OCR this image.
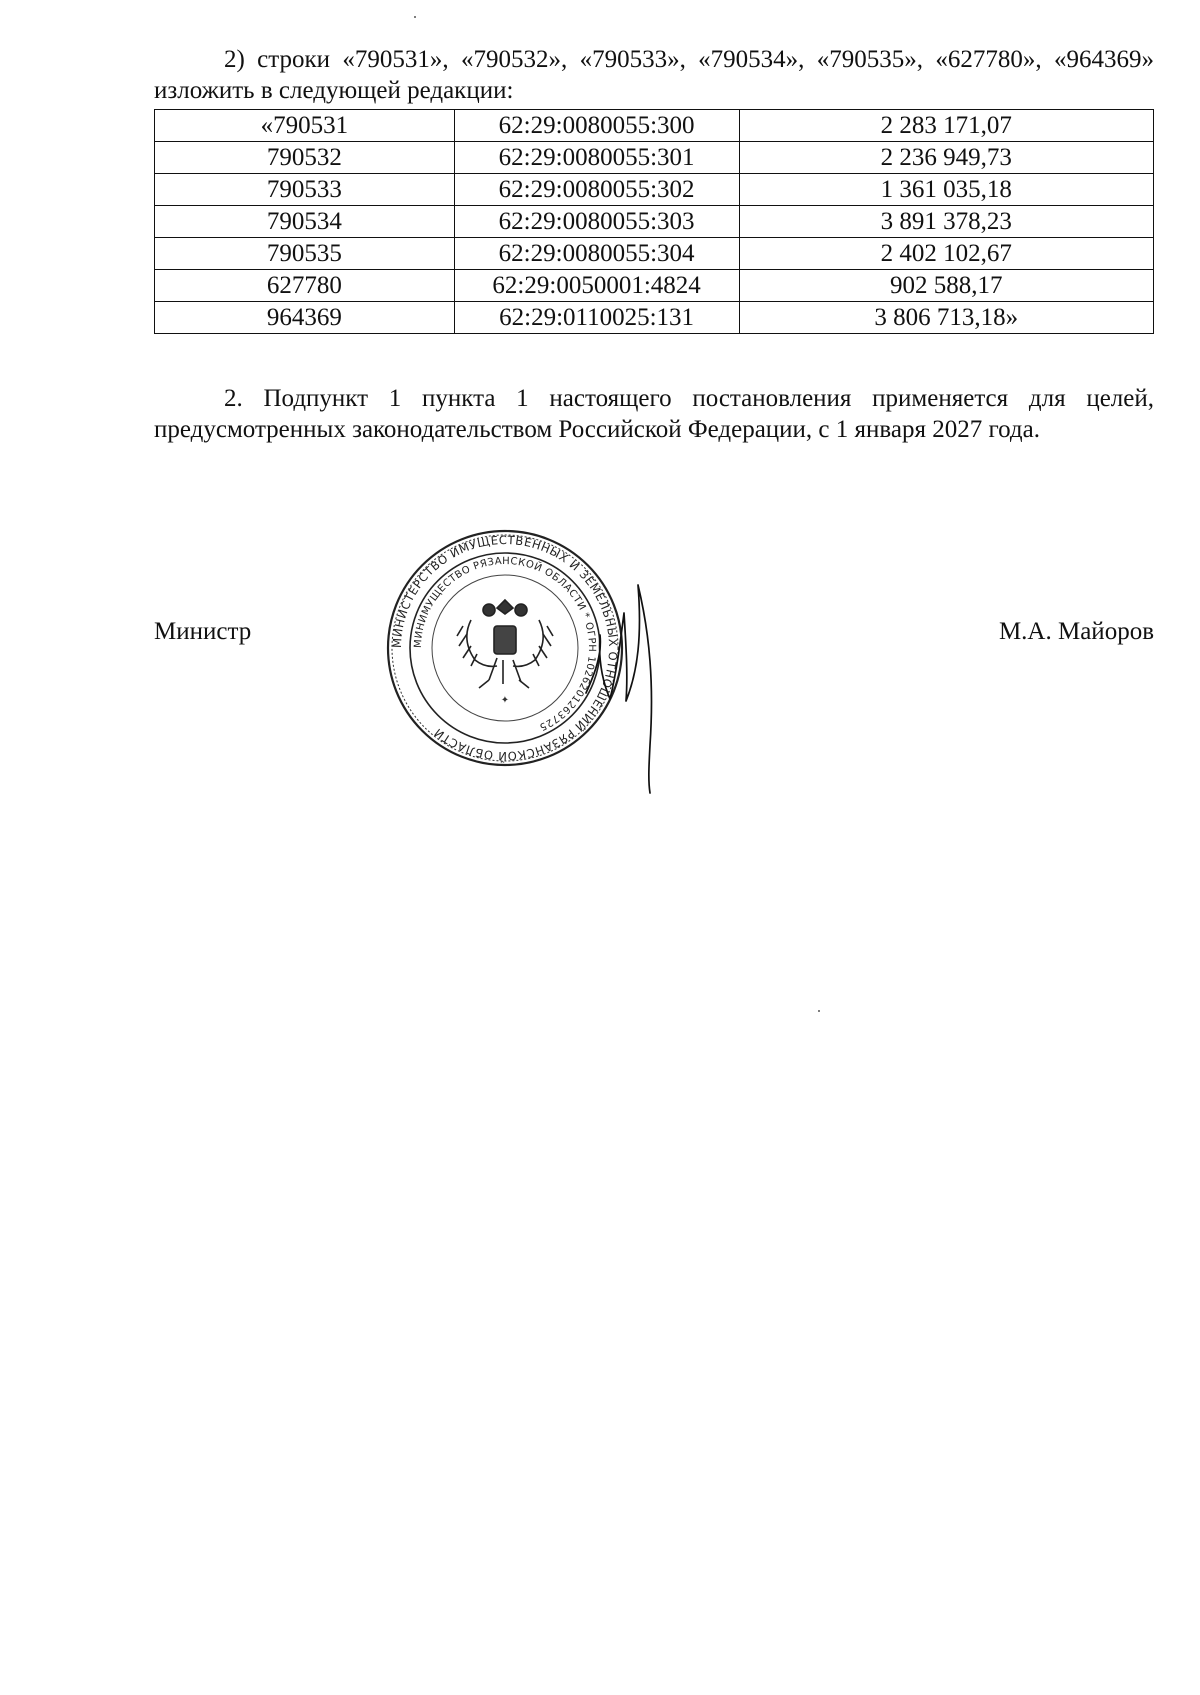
2) строки «790531», «790532», «790533», «790534», «790535», «627780», «964369» изложить в следующей редакции:
«790531	62:29:0080055:300	2 283 171,07
790532	62:29:0080055:301	2 236 949,73
790533	62:29:0080055:302	1 361 035,18
790534	62:29:0080055:303	3 891 378,23
790535	62:29:0080055:304	2 402 102,67
627780	62:29:0050001:4824	902 588,17
964369	62:29:0110025:131	3 806 713,18»
2. Подпункт 1 пункта 1 настоящего постановления применяется для целей, предусмотренных законодательством Российской Федерации, с 1 января 2027 года.
Министр	М.А. Майоров
МИНИСТЕРСТВО ИМУЩЕСТВЕННЫХ И ЗЕМЕЛЬНЫХ ОТНОШЕНИЙ РЯЗАНСКОЙ ОБЛАСТИ
МИНИМУЩЕСТВО РЯЗАНСКОЙ ОБЛАСТИ * ОГРН 1026201263725
✦
